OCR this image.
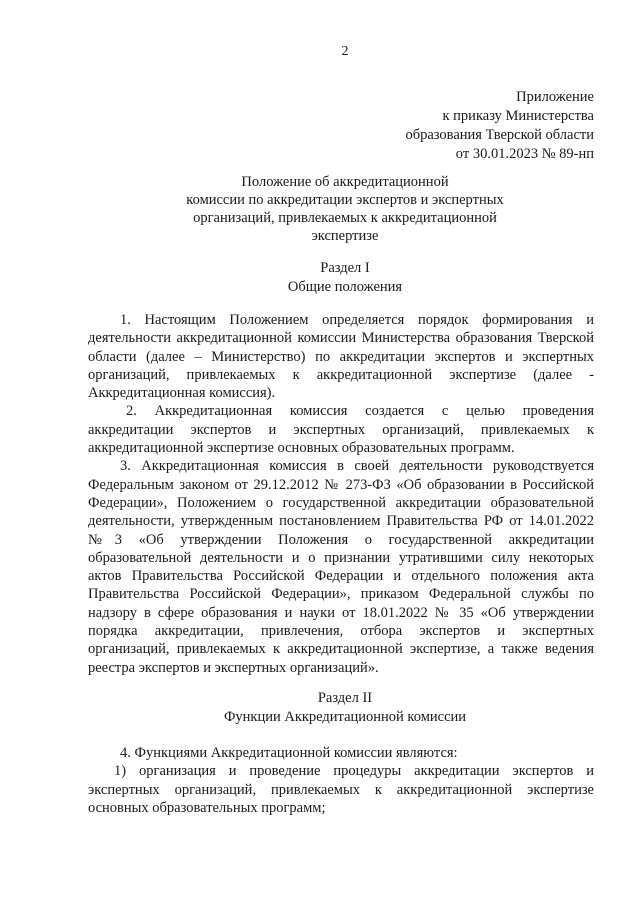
2
Приложение
к приказу Министерства
образования Тверской области
от 30.01.2023 № 89-нп
Положение об аккредитационной
комиссии по аккредитации экспертов и экспертных
организаций, привлекаемых к аккредитационной
экспертизе
Раздел I
Общие положения

1. Настоящим Положением определяется порядок формирования и деятельности аккредитационной комиссии Министерства образования Тверской области (далее – Министерство) по аккредитации экспертов и экспертных организаций, привлекаемых к аккредитационной экспертизе (далее - Аккредитационная комиссия).

2. Аккредитационная комиссия создается с целью проведения аккредитации экспертов и экспертных организаций, привлекаемых к аккредитационной экспертизе основных образовательных программ.

3. Аккредитационная комиссия в своей деятельности руководствуется Федеральным законом от 29.12.2012 № 273-ФЗ «Об образовании в Российской Федерации», Положением о государственной аккредитации образовательной деятельности, утвержденным постановлением Правительства РФ от 14.01.2022 №3 «Об утверждении Положения о государственной аккредитации образовательной деятельности и о признании утратившими силу некоторых актов Правительства Российской Федерации и отдельного положения акта Правительства Российской Федерации», приказом Федеральной службы по надзору в сфере образования и науки от 18.01.2022 № 35 «Об утверждении порядка аккредитации, привлечения, отбора экспертов и экспертных организаций, привлекаемых к аккредитационной экспертизе, а также ведения реестра экспертов и экспертных организаций».

Раздел II
Функции Аккредитационной комиссии

4. Функциями Аккредитационной комиссии являются:

1) организация и проведение процедуры аккредитации экспертов и экспертных организаций, привлекаемых к аккредитационной экспертизе основных образовательных программ;
